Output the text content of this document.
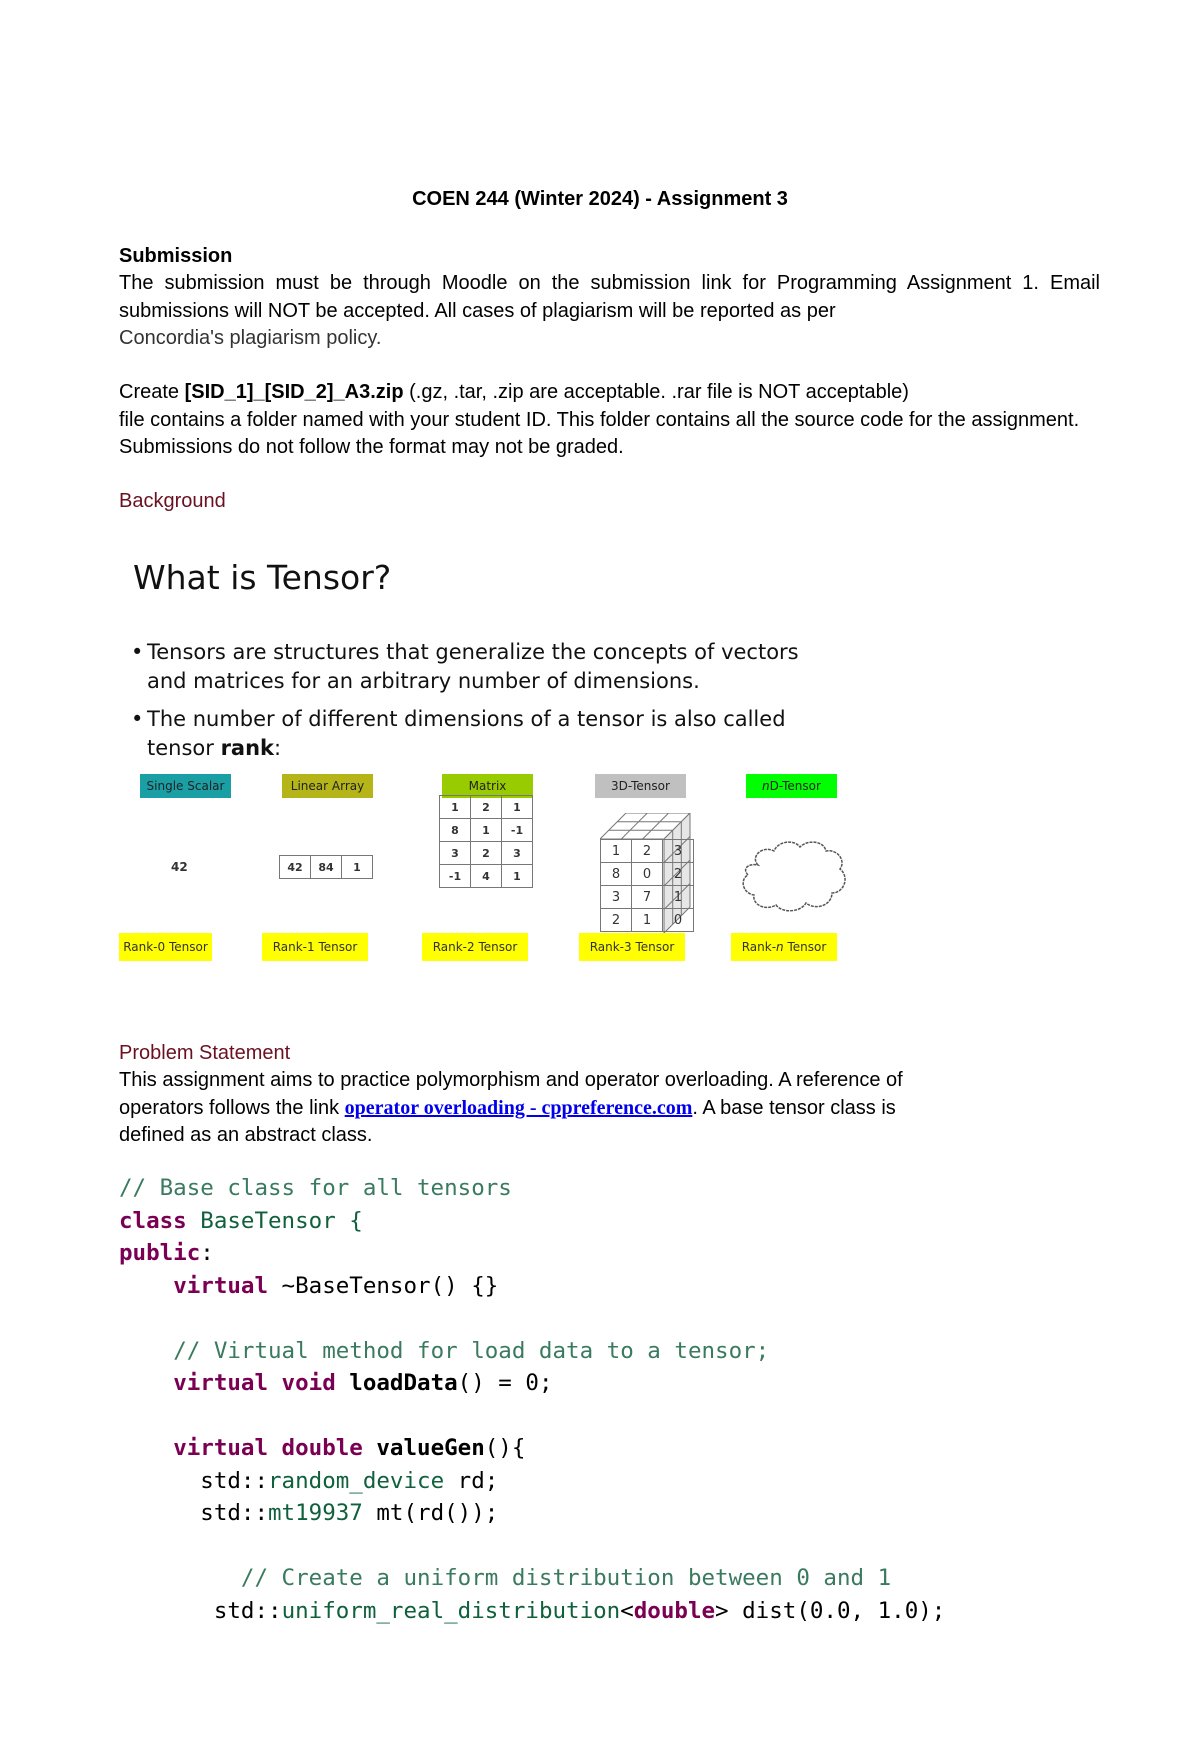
COEN 244 (Winter 2024) - Assignment 3
Submission
The submission must be through Moodle on the submission link for Programming Assignment 1. Email submissions will NOT be accepted. All cases of plagiarism will be reported as per
Concordia's plagiarism policy.
Create [SID_1]_[SID_2]_A3.zip (.gz, .tar, .zip are acceptable. .rar file is NOT acceptable)
file contains a folder named with your student ID. This folder contains all the source code for the assignment. Submissions do not follow the format may not be graded.
Background
What is Tensor?
• Tensors are structures that generalize the concepts of vectors and matrices for an arbitrary number of dimensions.
• The number of different dimensions of a tensor is also called
tensor rank:
Single Scalar	Linear Array	Matrix	3D-Tensor	nD-Tensor
42	42	84	1
1	2	1
8	1	-1
3	2	3
-1	4	1
1	2	3
8	0	2
3	7	1
2	1	0
Rank-0 Tensor	Rank-1 Tensor	Rank-2 Tensor	Rank-3 Tensor	Rank-n Tensor
Problem Statement
This assignment aims to practice polymorphism and operator overloading. A reference of
operators follows the link operator overloading - cppreference.com. A base tensor class is
defined as an abstract class.
// Base class for all tensors
class BaseTensor {
public:
virtual ~BaseTensor() {}

// Virtual method for load data to a tensor;
virtual void loadData() = 0;

virtual double valueGen(){
std::random_device rd;
std::mt19937 mt(rd());

// Create a uniform distribution between 0 and 1
std::uniform_real_distribution<double> dist(0.0, 1.0);
